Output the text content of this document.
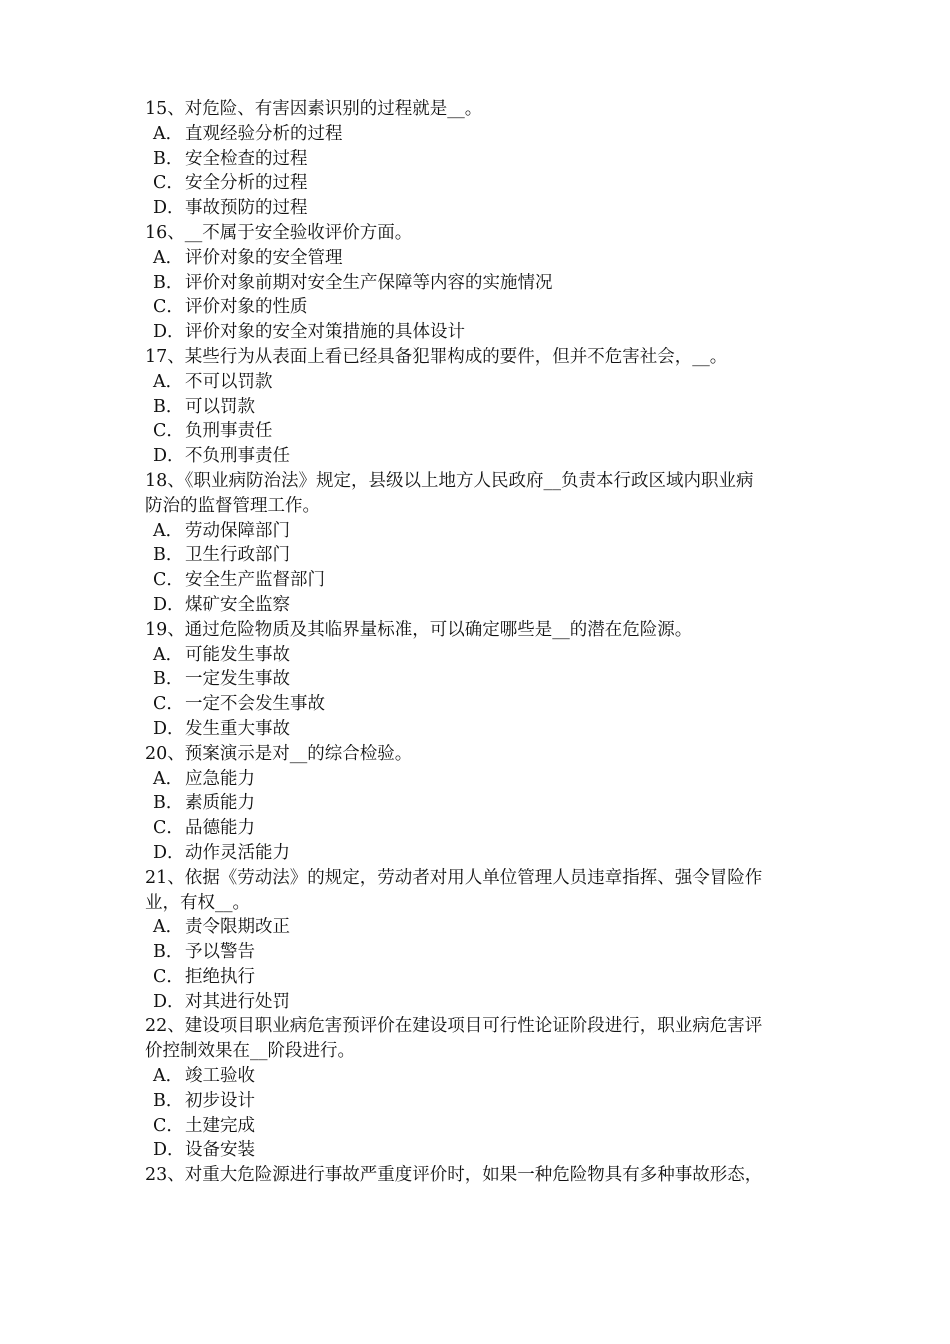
15、对危险、有害因素识别的过程就是__。
A． 直观经验分析的过程
B．安全检查的过程
C．安全分析的过程
D．事故预防的过程
16、__不属于安全验收评价方面。
A． 评价对象的安全管理
B．评价对象前期对安全生产保障等内容的实施情况
C．评价对象的性质
D．评价对象的安全对策措施的具体设计
17、某些行为从表面上看已经具备犯罪构成的要件，但并不危害社会，__。
A． 不可以罚款
B．可以罚款
C．负刑事责任
D．不负刑事责任
18、《职业病防治法》规定，县级以上地方人民政府__负责本行政区域内职业病
防治的监督管理工作。
A． 劳动保障部门
B．卫生行政部门
C．安全生产监督部门
D．煤矿安全监察
19、通过危险物质及其临界量标准，可以确定哪些是__的潜在危险源。
A． 可能发生事故
B．一定发生事故
C．一定不会发生事故
D．发生重大事故
20、预案演示是对__的综合检验。
A． 应急能力
B．素质能力
C．品德能力
D．动作灵活能力
21、依据《劳动法》的规定，劳动者对用人单位管理人员违章指挥、强令冒险作
业，有权__。
A． 责令限期改正
B．予以警告
C．拒绝执行
D．对其进行处罚
22、建设项目职业病危害预评价在建设项目可行性论证阶段进行，职业病危害评
价控制效果在__阶段进行。
A． 竣工验收
B．初步设计
C．土建完成
D．设备安装
23、对重大危险源进行事故严重度评价时，如果一种危险物具有多种事故形态，
